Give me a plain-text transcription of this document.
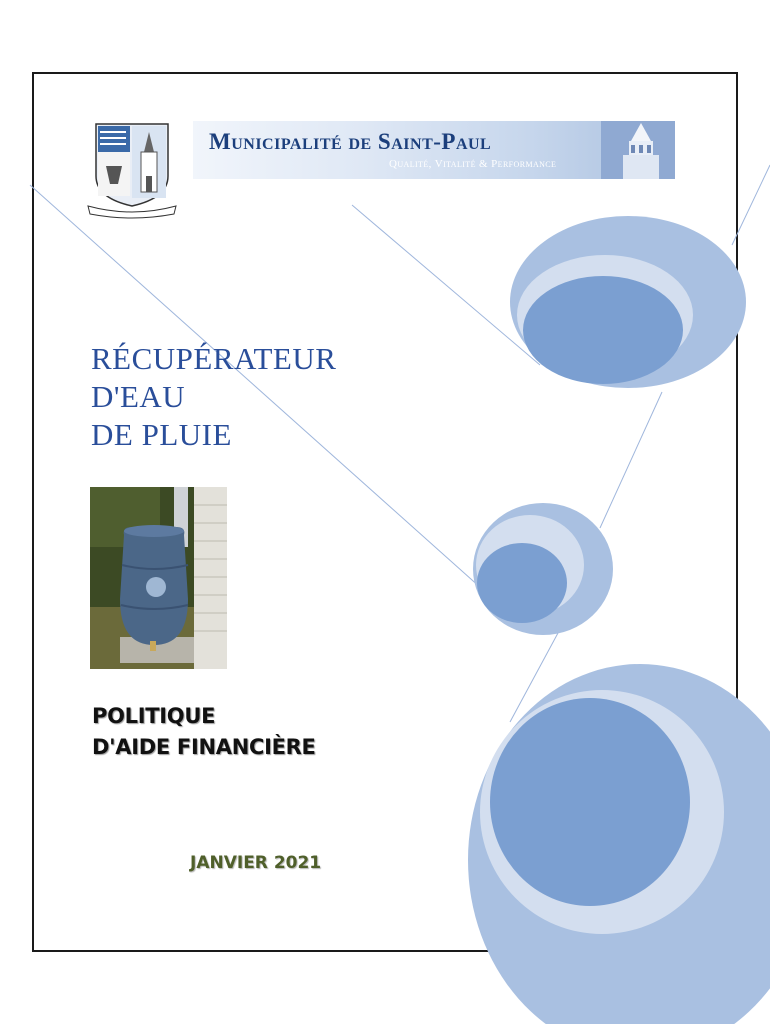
Municipalité de Saint-Paul
Qualité, Vitalité & Performance
RÉCUPÉRATEUR
D'EAU
DE PLUIE
POLITIQUE
D'AIDE FINANCIÈRE
JANVIER 2021
